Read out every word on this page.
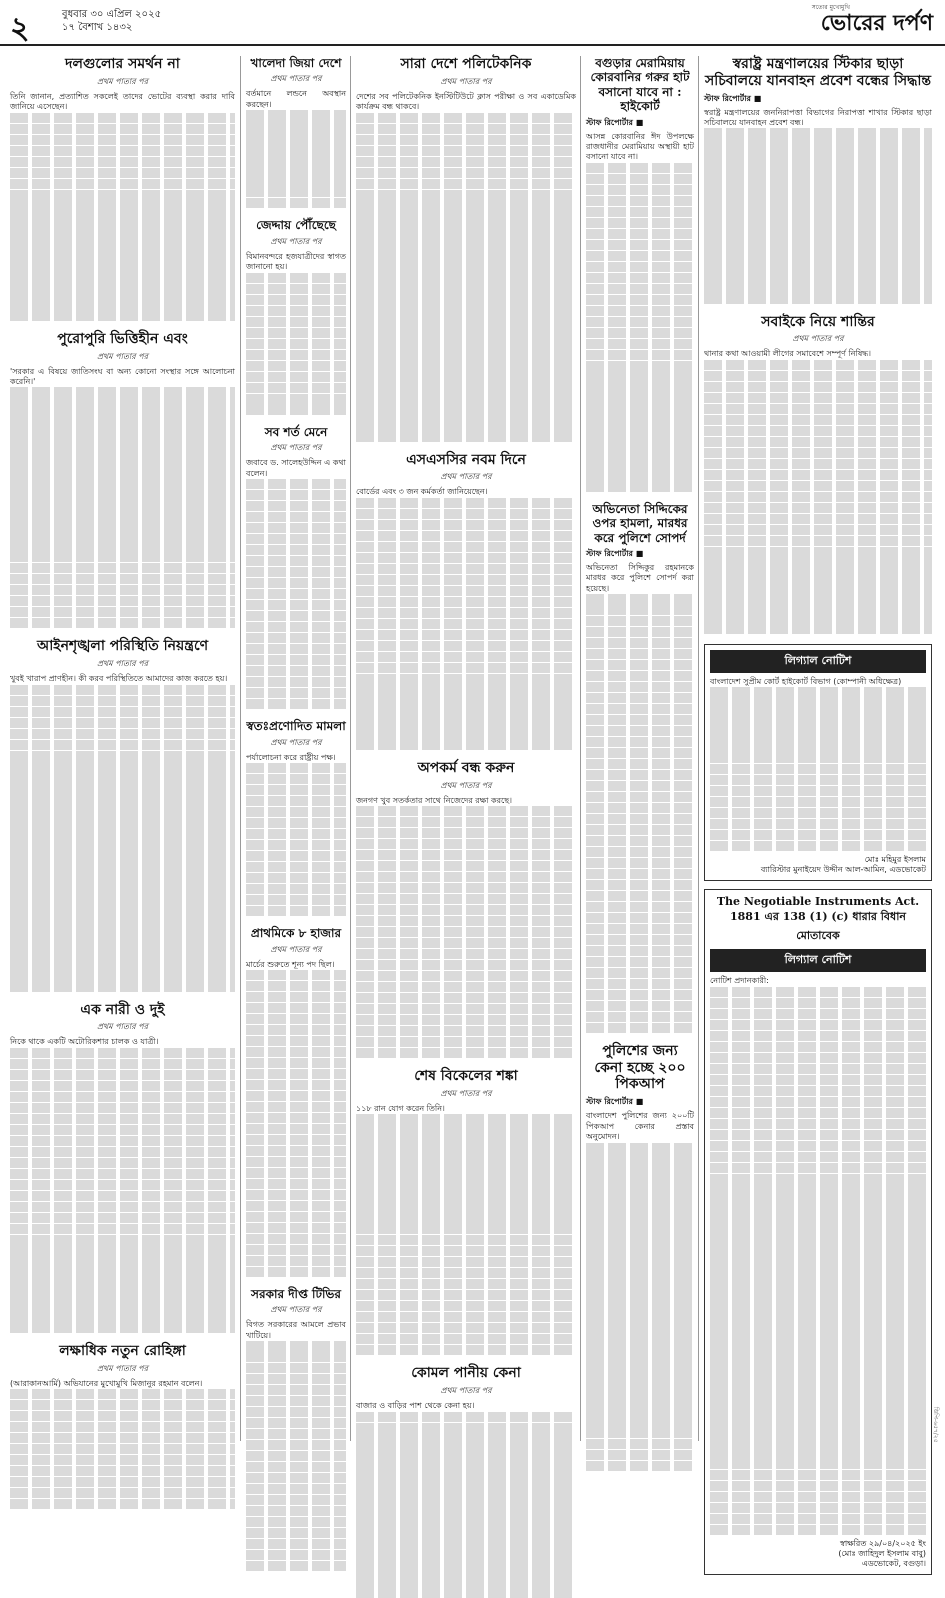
২	বুধবার ৩০ এপ্রিল ২০২৫
১৭ বৈশাখ ১৪৩২
সত্যের মুখোমুখি
ভোরের দর্পণ
দলগুলোর সমর্থন না
প্রথম পাতার পর

তিনি জানান, প্রত্যাশিত সকলেই তাদের ভোটের ব্যবস্থা করার দাবি জানিয়ে এসেছেন।

পুরোপুরি ভিত্তিহীন এবং
প্রথম পাতার পর

'সরকার এ বিষয়ে জাতিসংঘ বা অন্য কোনো সংস্থার সঙ্গে আলোচনা করেনি।'

আইনশৃঙ্খলা পরিস্থিতি নিয়ন্ত্রণে
প্রথম পাতার পর

খুবই খারাপ প্রাণহীন। কী করব পরিস্থিতিতে আমাদের কাজ করতে হয়।

এক নারী ও দুই
প্রথম পাতার পর

নিকে থাকে একটি অটোরিকশার চালক ও যাত্রী।

লক্ষাধিক নতুন রোহিঙ্গা
প্রথম পাতার পর

(আরাকানআর্মি) অভিযানের মুখোমুখি মিজানুর রহমান বলেন।

খালেদা জিয়া দেশে
প্রথম পাতার পর

বর্তমানে লন্ডনে অবস্থান করছেন।

জেদ্দায় পৌঁছেছে
প্রথম পাতার পর

বিমানবন্দরে হজযাত্রীদের স্বাগত জানানো হয়।

সব শর্ত মেনে
প্রথম পাতার পর

জবাবে ড. সালেহউদ্দিন এ কথা বলেন।

স্বতঃপ্রণোদিত মামলা
প্রথম পাতার পর

পর্যালোচনা করে রাষ্ট্রীয় পক্ষ।

প্রাথমিকে ৮ হাজার
প্রথম পাতার পর

মার্চের শুরুতে শূন্য পদ ছিল।

সরকার দীপ্ত টিভির
প্রথম পাতার পর

বিগত সরকারের আমলে প্রভাব খাটিয়ে।

সারা দেশে পলিটেকনিক
প্রথম পাতার পর

দেশের সব পলিটেকনিক ইনস্টিটিউটে ক্লাস পরীক্ষা ও সব একাডেমিক কার্যক্রম বন্ধ থাকবে।

এসএসসির নবম দিনে
প্রথম পাতার পর

বোর্ডের এবং ৩ জন কর্মকর্তা জানিয়েছেন।

অপকর্ম বন্ধ করুন
প্রথম পাতার পর

জনগণ খুব সতর্কতার সাথে নিজেদের রক্ষা করছে।

শেষ বিকেলের শঙ্কা
প্রথম পাতার পর

১১৮ রান যোগ করেন তিনি।

কোমল পানীয় কেনা
প্রথম পাতার পর

বাজার ও বাড়ির পাশ থেকে কেনা হয়।

বগুড়ার মেরামিয়ায় কোরবানির গরুর হাট বসানো যাবে না : হাইকোর্ট
স্টাফ রিপোর্টার ■

আসন্ন কোরবানির ঈদ উপলক্ষে রাজধানীর মেরামিয়ায় অস্থায়ী হাট বসানো যাবে না।

অভিনেতা সিদ্দিকের ওপর হামলা, মারধর করে পুলিশে সোপর্দ
স্টাফ রিপোর্টার ■

অভিনেতা সিদ্দিকুর রহমানকে মারধর করে পুলিশে সোপর্দ করা হয়েছে।

পুলিশের জন্য কেনা হচ্ছে ২০০ পিকআপ
স্টাফ রিপোর্টার ■

বাংলাদেশ পুলিশের জন্য ২০০টি পিকআপ কেনার প্রস্তাব অনুমোদন।

স্বরাষ্ট্র মন্ত্রণালয়ের স্টিকার ছাড়া সচিবালয়ে যানবাহন প্রবেশ বন্ধের সিদ্ধান্ত
স্টাফ রিপোর্টার ■

স্বরাষ্ট্র মন্ত্রণালয়ের জননিরাপত্তা বিভাগের নিরাপত্তা শাখার স্টিকার ছাড়া সচিবালয়ে যানবাহন প্রবেশ বন্ধ।

সবাইকে নিয়ে শান্তির
প্রথম পাতার পর

থানার কথা আওয়ামী লীগের সমাবেশে সম্পূর্ণ নিষিদ্ধ।

লিগ্যাল নোটিশ

বাংলাদেশ সুপ্রীম কোর্ট হাইকোর্ট বিভাগ (কোম্পানী অধিক্ষেত্র)

মোঃ মহিমুর ইসলাম
ব্যারিস্টার মুনাইয়েদ উদ্দীন আল-আমিন, এডভোকেট
The Negotiable Instruments Act. 1881 এর 138 (1) (c) ধারার বিধান মোতাবেক
লিগ্যাল নোটিশ

নোটিশ প্রদানকারী:

স্বাক্ষরিত ২৯/০৪/২০২৫ ইং
(মোঃ জাহিদুল ইসলাম বাবু)
এডভোকেট, বগুড়া।
ডিপি-৬৫৭/২৫
